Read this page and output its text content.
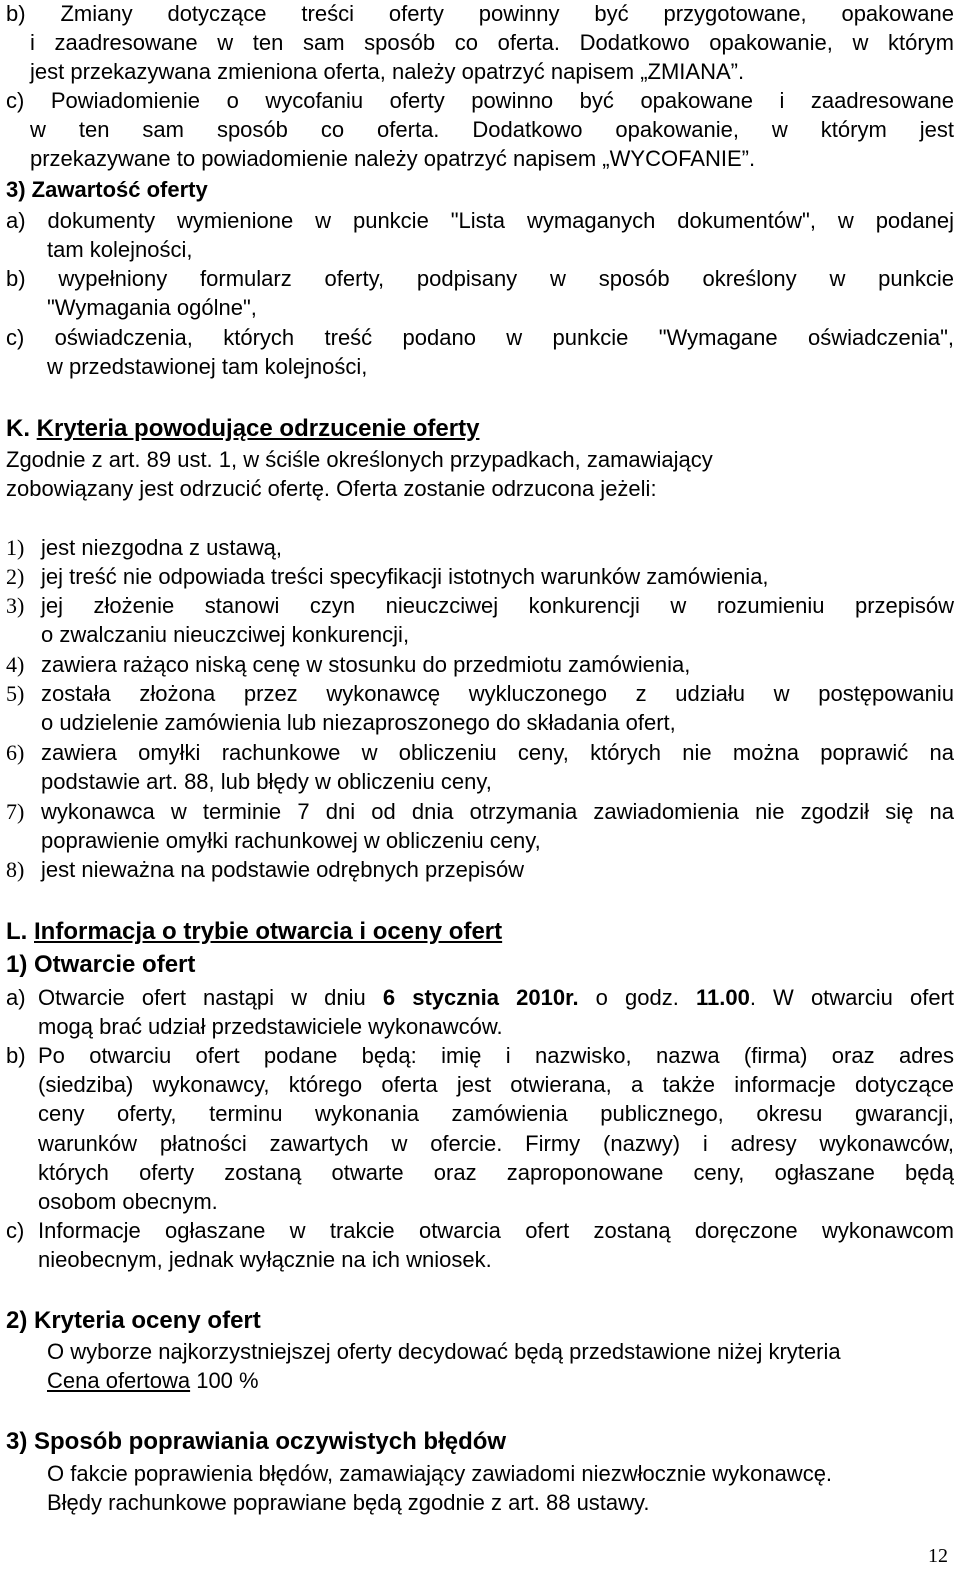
b) Zmiany dotyczące treści oferty powinny być przygotowane, opakowane
i zaadresowane w ten sam sposób co oferta. Dodatkowo opakowanie, w którym
jest przekazywana zmieniona oferta, należy opatrzyć napisem „ZMIANA”.
c) Powiadomienie o wycofaniu oferty powinno być opakowane i zaadresowane
w ten sam sposób co oferta. Dodatkowo opakowanie, w którym jest
przekazywane to powiadomienie należy opatrzyć napisem „WYCOFANIE”.
3) Zawartość oferty
a) dokumenty wymienione w punkcie "Lista wymaganych dokumentów", w podanej
tam kolejności,
b) wypełniony formularz oferty, podpisany w sposób określony w punkcie
"Wymagania ogólne",
c) oświadczenia, których treść podano w punkcie "Wymagane oświadczenia",
w przedstawionej tam kolejności,
K. Kryteria powodujące odrzucenie oferty
Zgodnie z art. 89 ust. 1, w ściśle określonych przypadkach, zamawiający
zobowiązany jest odrzucić ofertę. Oferta zostanie odrzucona jeżeli:
1) jest niezgodna z ustawą,
2) jej treść nie odpowiada treści specyfikacji istotnych warunków zamówienia,
3) jej złożenie stanowi czyn nieuczciwej konkurencji w rozumieniu przepisów
o zwalczaniu nieuczciwej konkurencji,
4) zawiera rażąco niską cenę w stosunku do przedmiotu zamówienia,
5) została złożona przez wykonawcę wykluczonego z udziału w postępowaniu
o udzielenie zamówienia lub niezaproszonego do składania ofert,
6) zawiera omyłki rachunkowe w obliczeniu ceny, których nie można poprawić na
podstawie art. 88, lub błędy w obliczeniu ceny,
7) wykonawca w terminie 7 dni od dnia otrzymania zawiadomienia nie zgodził się na
poprawienie omyłki rachunkowej w obliczeniu ceny,
8) jest nieważna na podstawie odrębnych przepisów
L. Informacja o trybie otwarcia i oceny ofert
1) Otwarcie ofert
a) Otwarcie ofert nastąpi w dniu 6 stycznia 2010r. o godz. 11.00. W otwarciu ofert
mogą brać udział przedstawiciele wykonawców.
b) Po otwarciu ofert podane będą: imię i nazwisko, nazwa (firma) oraz adres
(siedziba) wykonawcy, którego oferta jest otwierana, a także informacje dotyczące
ceny oferty, terminu wykonania zamówienia publicznego, okresu gwarancji,
warunków płatności zawartych w ofercie. Firmy (nazwy) i adresy wykonawców,
których oferty zostaną otwarte oraz zaproponowane ceny, ogłaszane będą
osobom obecnym.
c) Informacje ogłaszane w trakcie otwarcia ofert zostaną doręczone wykonawcom
nieobecnym, jednak wyłącznie na ich wniosek.
2) Kryteria oceny ofert
O wyborze najkorzystniejszej oferty decydować będą przedstawione niżej kryteria
Cena ofertowa 100 %
3) Sposób poprawiania oczywistych błędów
O fakcie poprawienia błędów, zamawiający zawiadomi niezwłocznie wykonawcę.
Błędy rachunkowe poprawiane będą zgodnie z art. 88 ustawy.
12
